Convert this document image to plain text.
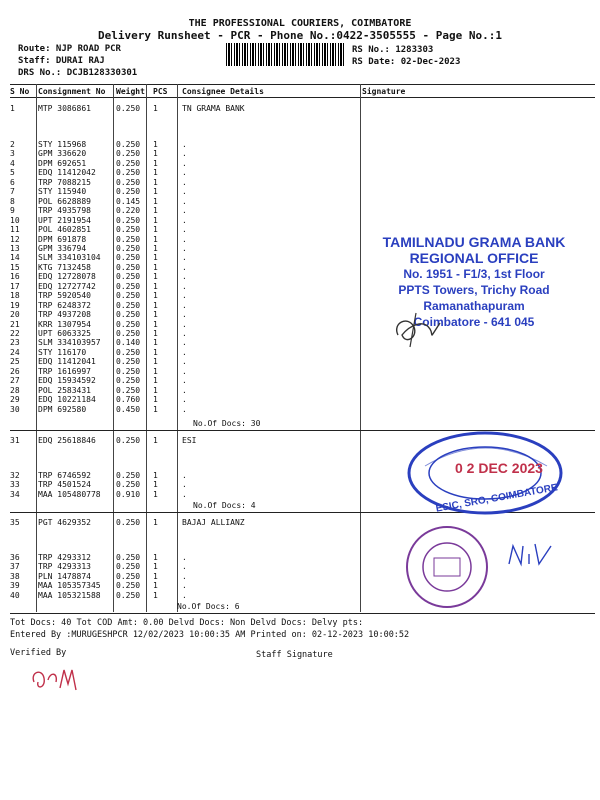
THE PROFESSIONAL COURIERS, COIMBATORE
Delivery Runsheet - PCR - Phone No.:0422-3505555 - Page No.:1
Route: NJP ROAD PCR
Staff: DURAI RAJ
DRS No.: DCJB128330301
RS No.: 1283303
RS Date: 02-Dec-2023
S No Consignment No Weight PCS Consignee Details	Signature
1	MTP 3086861	0.250 1	TN GRAMA BANK
2	STY 115968	0.250 1	.
3	GPM 336620	0.250 1	.
4	DPM 692651	0.250 1	.
5	EDQ 11412042	0.250 1	.
6	TRP 7088215	0.250 1	.
7	STY 115940	0.250 1	.
8	POL 6628889	0.145 1	.
9	TRP 4935798	0.220 1	.
10 UPT 2191954	0.250 1	.
11 POL 4602851	0.250 1	.
12 DPM 691878	0.250 1	.
13 GPM 336794	0.250 1	.
14 SLM 334103104 0.250 1	.
15 KTG 7132458	0.250 1	.
16 EDQ 12728078	0.250 1	.
17 EDQ 12727742	0.250 1	.
18 TRP 5920540	0.250 1	.
19 TRP 6248372	0.250 1	.
20 TRP 4937208	0.250 1	.
21 KRR 1307954	0.250 1	.
22 UPT 6063325	0.250 1	.
23 SLM 334103957 0.140 1	.
24 STY 116170	0.250 1	.
25 EDQ 11412041	0.250 1	.
26 TRP 1616997	0.250 1	.
27 EDQ 15934592	0.250 1	.
28 POL 2583431	0.250 1	.
29 EDQ 10221184	0.760 1	.
30 DPM 692580	0.450 1	.
No.Of Docs: 30
31 EDQ 25618846	0.250 1	ESI
32 TRP 6746592	0.250 1	.
33 TRP 4501524	0.250 1	.
34 MAA 105480778 0.910 1	.
No.Of Docs: 4
35 PGT 4629352	0.250 1	BAJAJ ALLIANZ
36 TRP 4293312	0.250 1	.
37 TRP 4293313	0.250 1	.
38 PLN 1478874	0.250 1	.
39 MAA 105357345 0.250 1	.
40 MAA 105321588 0.250 1	.
No.Of Docs: 6
Tot Docs: 40 Tot COD Amt: 0.00 Delvd Docs: Non Delvd Docs: Delvy pts:
Entered By :MURUGESHPCR 12/02/2023 10:00:35 AM Printed on: 02-12-2023 10:00:52
Verified By	Staff Signature
TAMILNADU GRAMA BANK
REGIONAL OFFICE
No. 1951 - F1/3, 1st Floor
PPTS Towers, Trichy Road
Ramanathapuram
Coimbatore - 641 045
0 2 DEC 2023
ESIC, SRO, COIMBATORE
